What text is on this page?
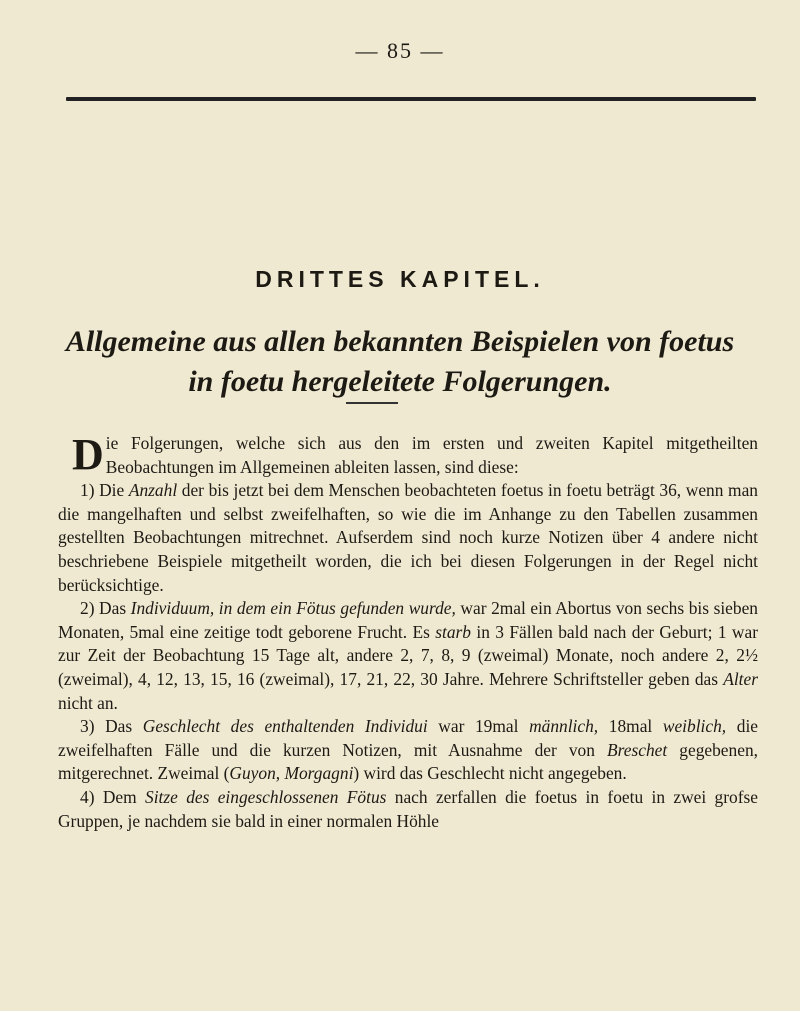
— 85 —
DRITTES KAPITEL.
Allgemeine aus allen bekannten Beispielen von foetus
in foetu hergeleitete Folgerungen.

Die Folgerungen, welche sich aus den im ersten und zweiten Kapitel mitgetheilten Beobachtungen im Allgemeinen ableiten lassen, sind diese:

1) Die Anzahl der bis jetzt bei dem Menschen beobachteten foetus in foetu beträgt 36, wenn man die mangelhaften und selbst zweifelhaften, so wie die im Anhange zu den Tabellen zusammen gestellten Beobachtungen mitrechnet. Aufserdem sind noch kurze Notizen über 4 andere nicht beschriebene Beispiele mitgetheilt worden, die ich bei diesen Folgerungen in der Regel nicht berücksichtige.

2) Das Individuum, in dem ein Fötus gefunden wurde, war 2mal ein Abortus von sechs bis sieben Monaten, 5mal eine zeitige todt geborene Frucht. Es starb in 3 Fällen bald nach der Geburt; 1 war zur Zeit der Beobachtung 15 Tage alt, andere 2, 7, 8, 9 (zweimal) Monate, noch andere 2, 2½ (zweimal), 4, 12, 13, 15, 16 (zweimal), 17, 21, 22, 30 Jahre. Mehrere Schriftsteller geben das Alter nicht an.

3) Das Geschlecht des enthaltenden Individui war 19mal männlich, 18mal weiblich, die zweifelhaften Fälle und die kurzen Notizen, mit Ausnahme der von Breschet gegebenen, mitgerechnet. Zweimal (Guyon, Morgagni) wird das Geschlecht nicht angegeben.

4) Dem Sitze des eingeschlossenen Fötus nach zerfallen die foetus in foetu in zwei grofse Gruppen, je nachdem sie bald in einer normalen Höhle
